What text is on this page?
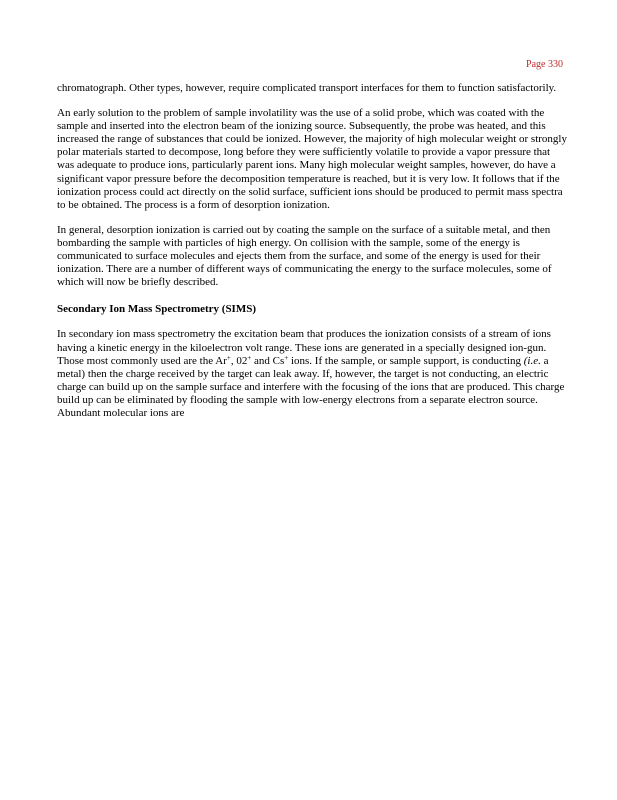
Page 330

chromatograph. Other types, however, require complicated transport interfaces for them to function satisfactorily.

An early solution to the problem of sample involatility was the use of a solid probe, which was coated with the sample and inserted into the electron beam of the ionizing source. Subsequently, the probe was heated, and this increased the range of substances that could be ionized. However, the majority of high molecular weight or strongly polar materials started to decompose, long before they were sufficiently volatile to provide a vapor pressure that was adequate to produce ions, particularly parent ions. Many high molecular weight samples, however, do have a significant vapor pressure before the decomposition temperature is reached, but it is very low. It follows that if the ionization process could act directly on the solid surface, sufficient ions should be produced to permit mass spectra to be obtained. The process is a form of desorption ionization.

In general, desorption ionization is carried out by coating the sample on the surface of a suitable metal, and then bombarding the sample with particles of high energy. On collision with the sample, some of the energy is communicated to surface molecules and ejects them from the surface, and some of the energy is used for their ionization. There are a number of different ways of communicating the energy to the surface molecules, some of which will now be briefly described.

Secondary Ion Mass Spectrometry (SIMS)

In secondary ion mass spectrometry the excitation beam that produces the ionization consists of a stream of ions having a kinetic energy in the kiloelectron volt range. These ions are generated in a specially designed ion-gun. Those most commonly used are the Ar+, 02+ and Cs+ ions. If the sample, or sample support, is conducting (i.e. a metal) then the charge received by the target can leak away. If, however, the target is not conducting, an electric charge can build up on the sample surface and interfere with the focusing of the ions that are produced. This charge build up can be eliminated by flooding the sample with low-energy electrons from a separate electron source. Abundant molecular ions are
